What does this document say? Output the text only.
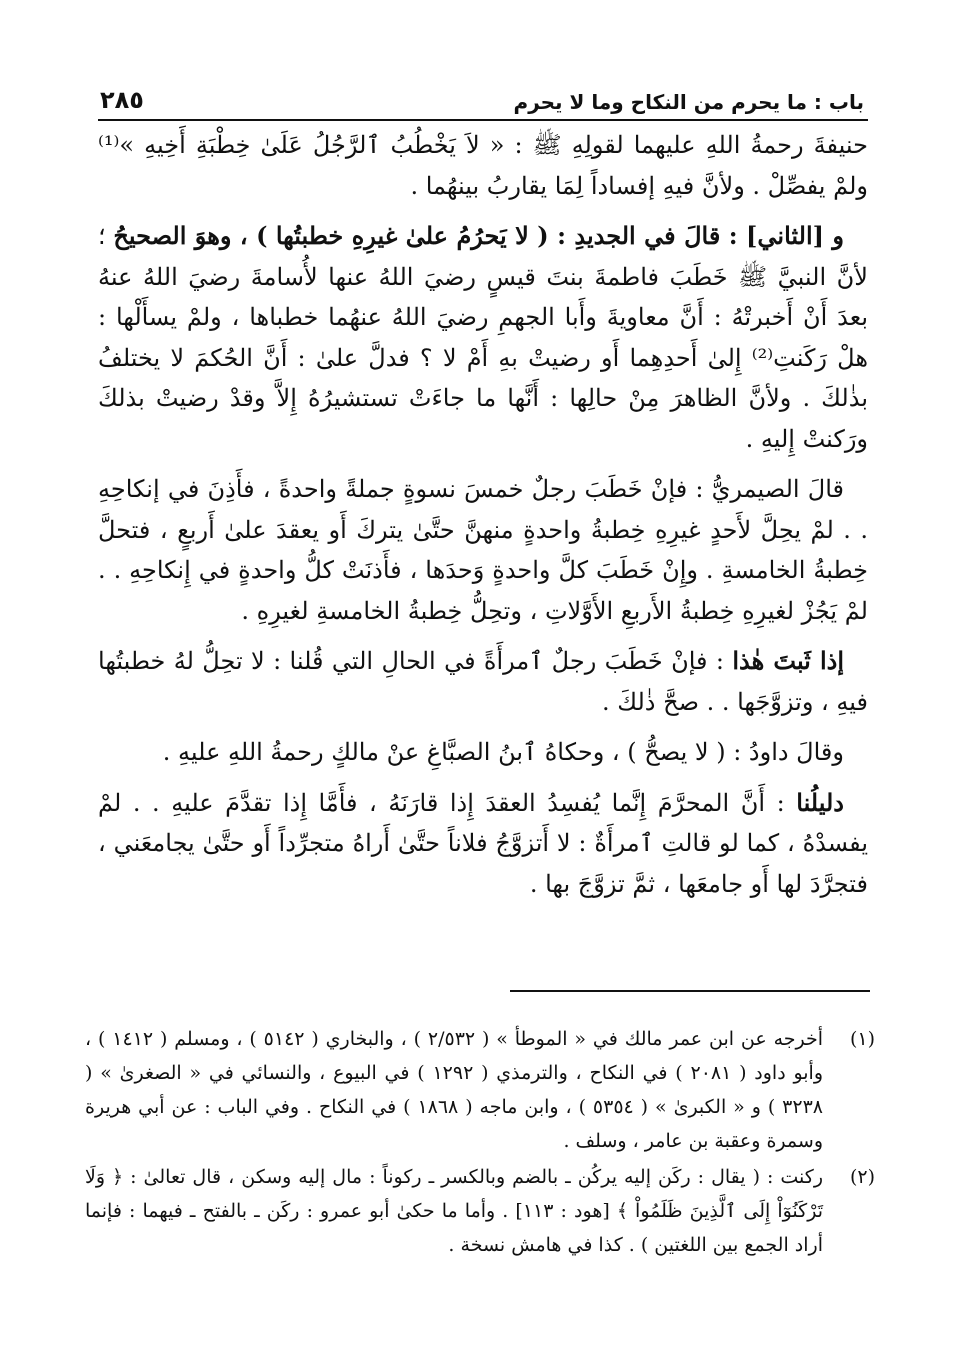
باب : ما يحرم من النكاح وما لا يحرم
٢٨٥

حنيفةَ رحمةُ اللهِ عليهما لقولِهِ ﷺ : « لاَ يَخْطُبُ ٱلرَّجُلُ عَلَىٰ خِطْبَةِ أَخِيهِ »⁽¹⁾ ولمْ يفصِّلْ . ولأنَّ فيهِ إفساداً لِمَا يقاربُ بينهُما .

و [الثاني] : قالَ في الجديدِ : ( لا يَحرُمُ علىٰ غيرِهِ خطبتُها ) ، وهوَ الصحيحُ ؛ لأنَّ النبيَّ ﷺ خَطَبَ فاطمةَ بنتَ قيسٍ رضيَ اللهُ عنها لأُسامةَ رضيَ اللهُ عنهُ بعدَ أَنْ أَخبرتْهُ : أَنَّ معاويةَ وأَبا الجهمِ رضيَ اللهُ عنهُما خطباها ، ولمْ يسأَلْها : هلْ رَكَنتِ⁽²⁾ إِلىٰ أَحدِهِما أَو رضيتْ بهِ أَمْ لا ؟ فدلَّ علىٰ : أَنَّ الحُكمَ لا يختلفُ بذٰلكَ . ولأنَّ الظاهرَ مِنْ حالِها : أَنَّها ما جاءَتْ تستشيرُهُ إِلاَّ وقدْ رضيتْ بذلكَ ورَكنتْ إِليهِ .

قالَ الصيمريُّ : فإنْ خَطَبَ رجلٌ خمسَ نسوةٍ جملةً واحدةً ، فأَذِنَ في إنكاحِهِ . . لمْ يحِلَّ لأَحدٍ غيرِهِ خِطبةُ واحدةٍ منهنَّ حتَّىٰ يتركَ أَو يعقدَ علىٰ أَربعٍ ، فتحلَّ خِطبةُ الخامسةِ . وإِنْ خَطَبَ كلَّ واحدةٍ وَحدَها ، فأَذنَتْ كلُّ واحدةٍ في إِنكاحِهِ . . لمْ يَجُزْ لغيرِهِ خِطبةُ الأَربعِ الأَوَّلاتِ ، وتحِلُّ خِطبةُ الخامسةِ لغيرِهِ .

إذا ثَبتَ هٰذا : فإنْ خَطَبَ رجلٌ ٱمرأَةً في الحالِ التي قُلنا : لا تحِلُّ لهُ خطبتُها فيهِ ، وتزوَّجَها . . صحَّ ذٰلكَ .

وقالَ داودُ : ( لا يصحُّ ) ، وحكاهُ ٱبنُ الصبَّاغِ عنْ مالكٍ رحمةُ اللهِ عليهِ .

دليلُنا : أَنَّ المحرَّمَ إِنَّما يُفسِدُ العقدَ إِذا قارَنَهُ ، فأَمَّا إِذا تقدَّمَ عليهِ . . لمْ يفسدْهُ ، كما لو قالتِ ٱمرأَةٌ : لا أَتزوَّجُ فلاناً حتَّىٰ أَراهُ متجرِّداً أَو حتَّىٰ يجامعَني ، فتجرَّدَ لها أَو جامعَها ، ثمَّ تزوَّجَ بها .

(١)
أخرجه عن ابن عمر مالك في « الموطأ » ( ٢/٥٣٢ ) ، والبخاري ( ٥١٤٢ ) ، ومسلم ( ١٤١٢ ) ، وأبو داود ( ٢٠٨١ ) في النكاح ، والترمذي ( ١٢٩٢ ) في البيوع ، والنسائي في « الصغرىٰ » ( ٣٢٣٨ ) و « الكبرىٰ » ( ٥٣٥٤ ) ، وابن ماجه ( ١٨٦٨ ) في النكاح . وفي الباب : عن أبي هريرة وسمرة وعقبة بن عامر ، وسلف .
(٢)
ركنت : ( يقال : ركَن إليه يركُن ـ بالضم وبالكسر ـ ركوناً : مال إليه وسكن ، قال تعالىٰ : ﴿ وَلَا تَرْكَنُوٓاْ إِلَى ٱلَّذِينَ ظَلَمُواْ ﴾ [هود : ١١٣] . وأما ما حكىٰ أبو عمرو : ركَن ـ بالفتح ـ فيهما : فإنما أراد الجمع بين اللغتين ) . كذا في هامش نسخة .
